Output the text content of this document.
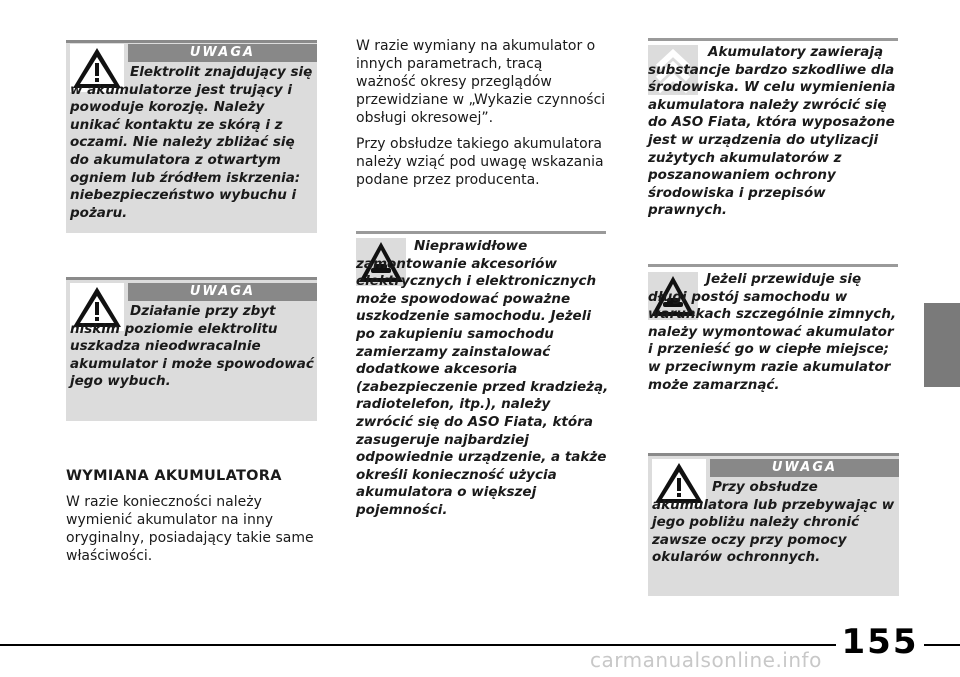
UWAGA

Elektrolit znajdujący się w akumulatorze jest trujący i powoduje korozję. Należy unikać kontaktu ze skórą i z oczami. Nie należy zbliżać się do akumulatora z otwartym ogniem lub źródłem iskrzenia: niebezpieczeństwo wybuchu i pożaru.

UWAGA

Działanie przy zbyt niskim poziomie elektrolitu uszkadza nieodwracalnie akumulator i może spowodować jego wybuch.

WYMIANA AKUMULATORA

W razie konieczności należy wymienić akumulator na inny oryginalny, posiadający takie same właściwości.

W razie wymiany na akumulator o innych parametrach, tracą ważność okresy przeglądów przewidziane w „Wykazie czynności obsługi okresowej”.

Przy obsłudze takiego akumulatora należy wziąć pod uwagę wskazania podane przez producenta.

Nieprawidłowe zamontowanie akcesoriów elektrycznych i elektronicznych może spowodować poważne uszkodzenie samochodu. Jeżeli po zakupieniu samochodu zamierzamy zainstalować dodatkowe akcesoria (zabezpieczenie przed kradzieżą, radiotelefon, itp.), należy zwrócić się do ASO Fiata, która zasugeruje najbardziej odpowiednie urządzenie, a także określi konieczność użycia akumulatora o większej pojemności.

Akumulatory zawierają substancje bardzo szkodliwe dla środowiska. W celu wymienienia akumulatora należy zwrócić się do ASO Fiata, która wyposażone jest w urządzenia do utylizacji zużytych akumulatorów z poszanowaniem ochrony środowiska i przepisów prawnych.

Jeżeli przewiduje się długi postój samochodu w warunkach szczególnie zimnych, należy wymontować akumulator i przenieść go w ciepłe miejsce; w przeciwnym razie akumulator może zamarznąć.

UWAGA

Przy obsłudze akumulatora lub przebywając w jego pobliżu należy chronić zawsze oczy przy pomocy okularów ochronnych.

155
carmanualsonline.info
